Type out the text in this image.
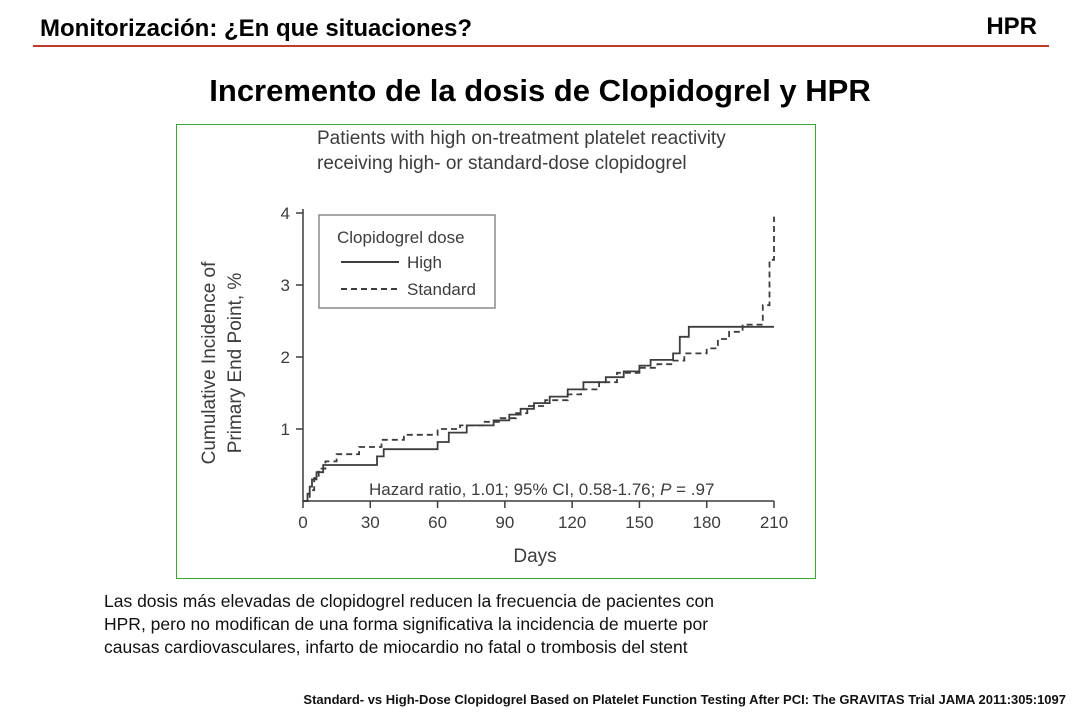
Monitorización: ¿En que situaciones?	HPR
Incremento de la dosis de Clopidogrel y HPR
Patients with high on-treatment platelet reactivity
receiving high- or standard-dose clopidogrel
Cumulative Incidence of Primary End Point, %
Days
Clopidogrel dose
High
Standard
Hazard ratio, 1.01; 95% CI, 0.58-1.76; P = .97
1
2
3
4
0	30	60	90	120 150 180 210
Las dosis más elevadas de clopidogrel reducen la frecuencia de pacientes con
HPR, pero no modifican de una forma significativa la incidencia de muerte por
causas cardiovasculares, infarto de miocardio no fatal o trombosis del stent
Standard- vs High-Dose Clopidogrel Based on Platelet Function Testing After PCI: The GRAVITAS Trial JAMA 2011:305:1097
